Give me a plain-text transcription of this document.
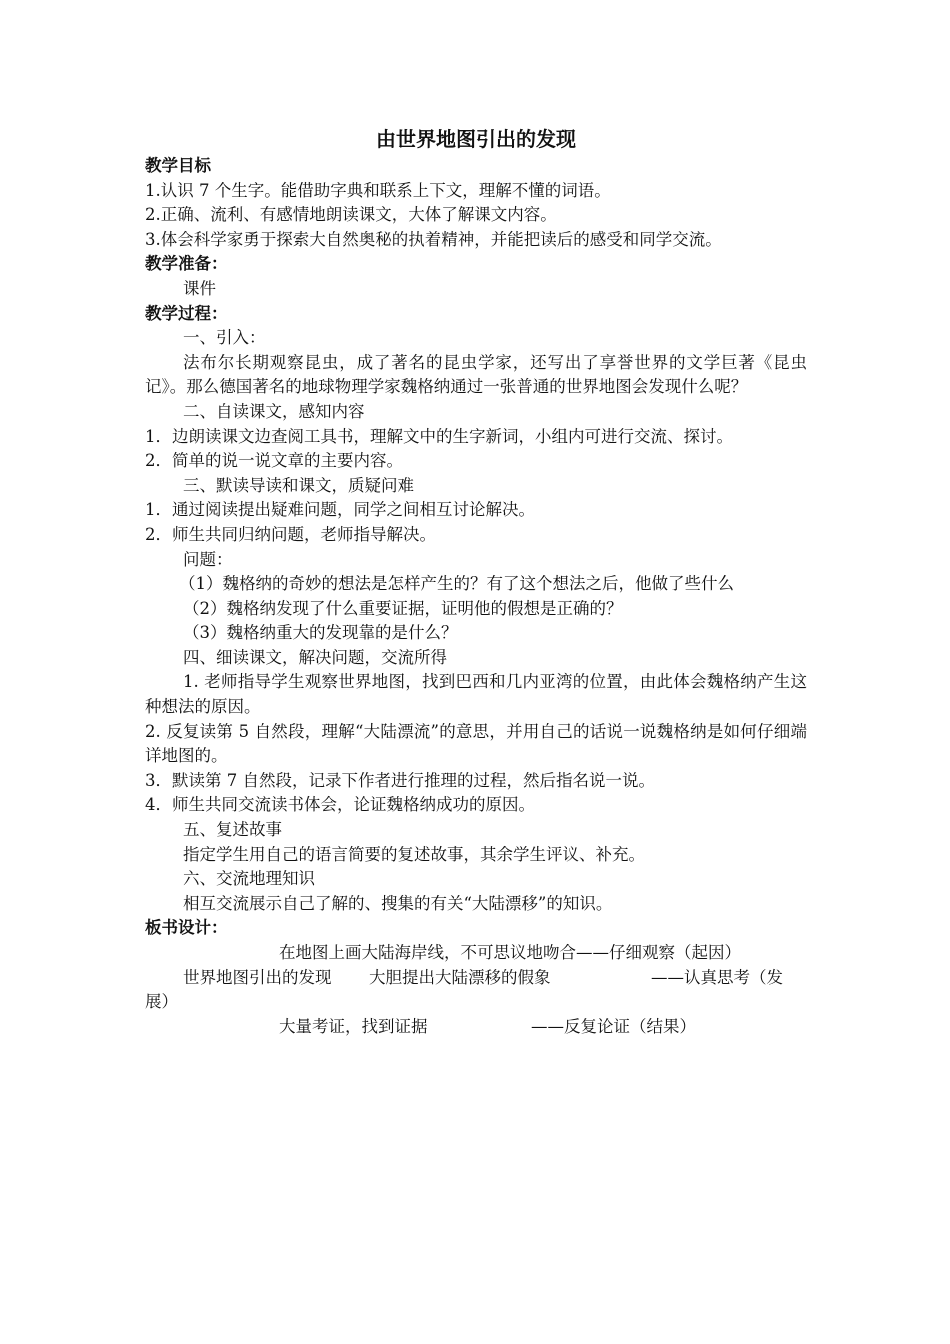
由世界地图引出的发现
教学目标
1.认识 7 个生字。能借助字典和联系上下文，理解不懂的词语。
2.正确、流利、有感情地朗读课文，大体了解课文内容。
3.体会科学家勇于探索大自然奥秘的执着精神，并能把读后的感受和同学交流。
教学准备：
课件
教学过程：
一、引入：
法布尔长期观察昆虫，成了著名的昆虫学家，还写出了享誉世界的文学巨著《昆虫记》。那么德国著名的地球物理学家魏格纳通过一张普通的世界地图会发现什么呢？
二、自读课文，感知内容
1．边朗读课文边查阅工具书，理解文中的生字新词，小组内可进行交流、探讨。
2．简单的说一说文章的主要内容。
三、默读导读和课文，质疑问难
1．通过阅读提出疑难问题，同学之间相互讨论解决。
2．师生共同归纳问题，老师指导解决。
问题：
（1）魏格纳的奇妙的想法是怎样产生的？有了这个想法之后，他做了些什么
（2）魏格纳发现了什么重要证据，证明他的假想是正确的？
（3）魏格纳重大的发现靠的是什么？
四、细读课文，解决问题，交流所得
1. 老师指导学生观察世界地图，找到巴西和几内亚湾的位置，由此体会魏格纳产生这种想法的原因。
2. 反复读第 5 自然段，理解“大陆漂流”的意思，并用自己的话说一说魏格纳是如何仔细端详地图的。
3．默读第 7 自然段，记录下作者进行推理的过程，然后指名说一说。
4．师生共同交流读书体会，论证魏格纳成功的原因。
五、复述故事
指定学生用自己的语言简要的复述故事，其余学生评议、补充。
六、交流地理知识
相互交流展示自己了解的、搜集的有关“大陆漂移”的知识。
板书设计：
在地图上画大陆海岸线，不可思议地吻合——仔细观察（起因）
世界地图引出的发现 大胆提出大陆漂移的假象	——认真思考（发
展）
大量考证，找到证据	——反复论证（结果）
